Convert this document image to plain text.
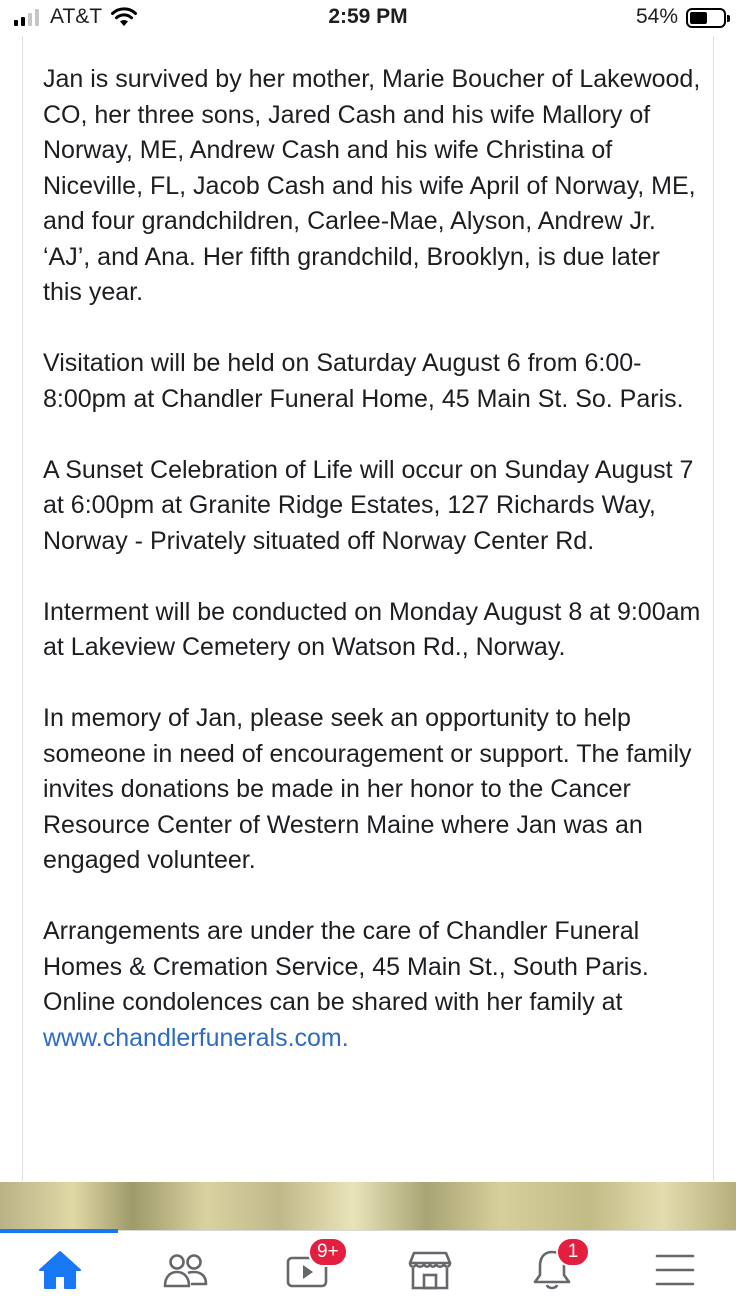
AT&T	2:59 PM	54%

Jan is survived by her mother, Marie Boucher of Lakewood, CO, her three sons, Jared Cash and his wife Mallory of Norway, ME, Andrew Cash and his wife Christina of Niceville, FL, Jacob Cash and his wife April of Norway, ME, and four grandchildren, Carlee-Mae, Alyson, Andrew Jr. ‘AJ’, and Ana. Her fifth grandchild, Brooklyn, is due later this year.

Visitation will be held on Saturday August 6 from 6:00-8:00pm at Chandler Funeral Home, 45 Main St. So. Paris.

A Sunset Celebration of Life will occur on Sunday August 7 at 6:00pm at Granite Ridge Estates, 127 Richards Way, Norway - Privately situated off Norway Center Rd.

Interment will be conducted on Monday August 8 at 9:00am at Lakeview Cemetery on Watson Rd., Norway.

In memory of Jan, please seek an opportunity to help someone in need of encouragement or support. The family invites donations be made in her honor to the Cancer Resource Center of Western Maine where Jan was an engaged volunteer.

Arrangements are under the care of Chandler Funeral Homes & Cremation Service, 45 Main St., South Paris. Online condolences can be shared with her family at www.chandlerfunerals.com.

9+	1
